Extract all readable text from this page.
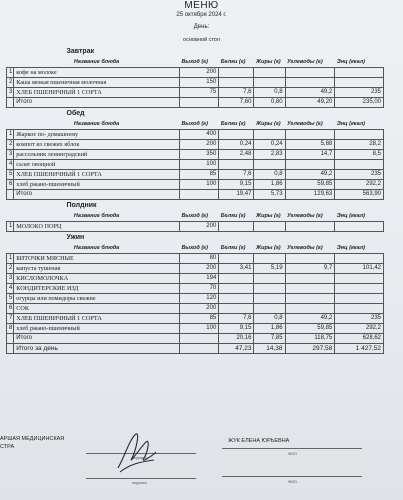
МЕНЮ
25 октября 2024 г.
День:
основной стол
Завтрак						
	Название блюда	Выход (г)	Белки (г)	Жиры (г)	Углеводы (г)	Энц (ккал)
1	кофе на молоке	200				
2	Каша вязкая пшеничная молочная	150				
3	ХЛЕБ ПШЕНИЧНЫЙ 1 СОРТА	75	7,6	0,8	49,2	235
	Итого		7,60	0,80	49,20	235,00
Обед						
	Название блюда	Выход (г)	Белки (г)	Жиры (г)	Углеводы (г)	Энц (ккал)
1	Жаркое по- домашнему	400				
2	компот из свежих яблок	200	0,24	0,24	5,88	28,2
3	рассольник ленинградский	350	2,48	2,83	14,7	8,5
4	салат овощной	100				
5	ХЛЕБ ПШЕНИЧНЫЙ 1 СОРТА	85	7,6	0,8	49,2	235
6	хлеб ржано-пшеничный	100	9,15	1,86	59,85	292,2
	Итого		19,47	5,73	129,63	563,90
Полдник						
	Название блюда	Выход (г)	Белки (г)	Жиры (г)	Углеводы (г)	Энц (ккал)
1	МОЛОКО ПОРЦ	200				
Ужин						
	Название блюда	Выход (г)	Белки (г)	Жиры (г)	Углеводы (г)	Энц (ккал)
1	БИТОЧКИ МЯСНЫЕ	80				
2	капуста тушеная	200	3,41	5,19	9,7	101,42
3	КИСЛОМОЛОЧКА	194				
4	КОНДИТЕРСКИЕ ИЗД	70				
5	огурцы или помидоры свежие	120				
6	СОК	200				
7	ХЛЕБ ПШЕНИЧНЫЙ 1 СОРТА	85	7,6	0,8	49,2	235
8	хлеб ржано-пшеничный	100	9,15	1,86	59,85	292,2
	Итого		20,16	7,85	118,75	628,62
	Итого за день		47,23	14,38	297,58	1 427,52
АРШАЯ МЕДИЦИНСКАЯ
СТРА
подпись
ЖУК ЕЛЕНА ЮРЬЕВНА
ФИО
подпись	ФИО
